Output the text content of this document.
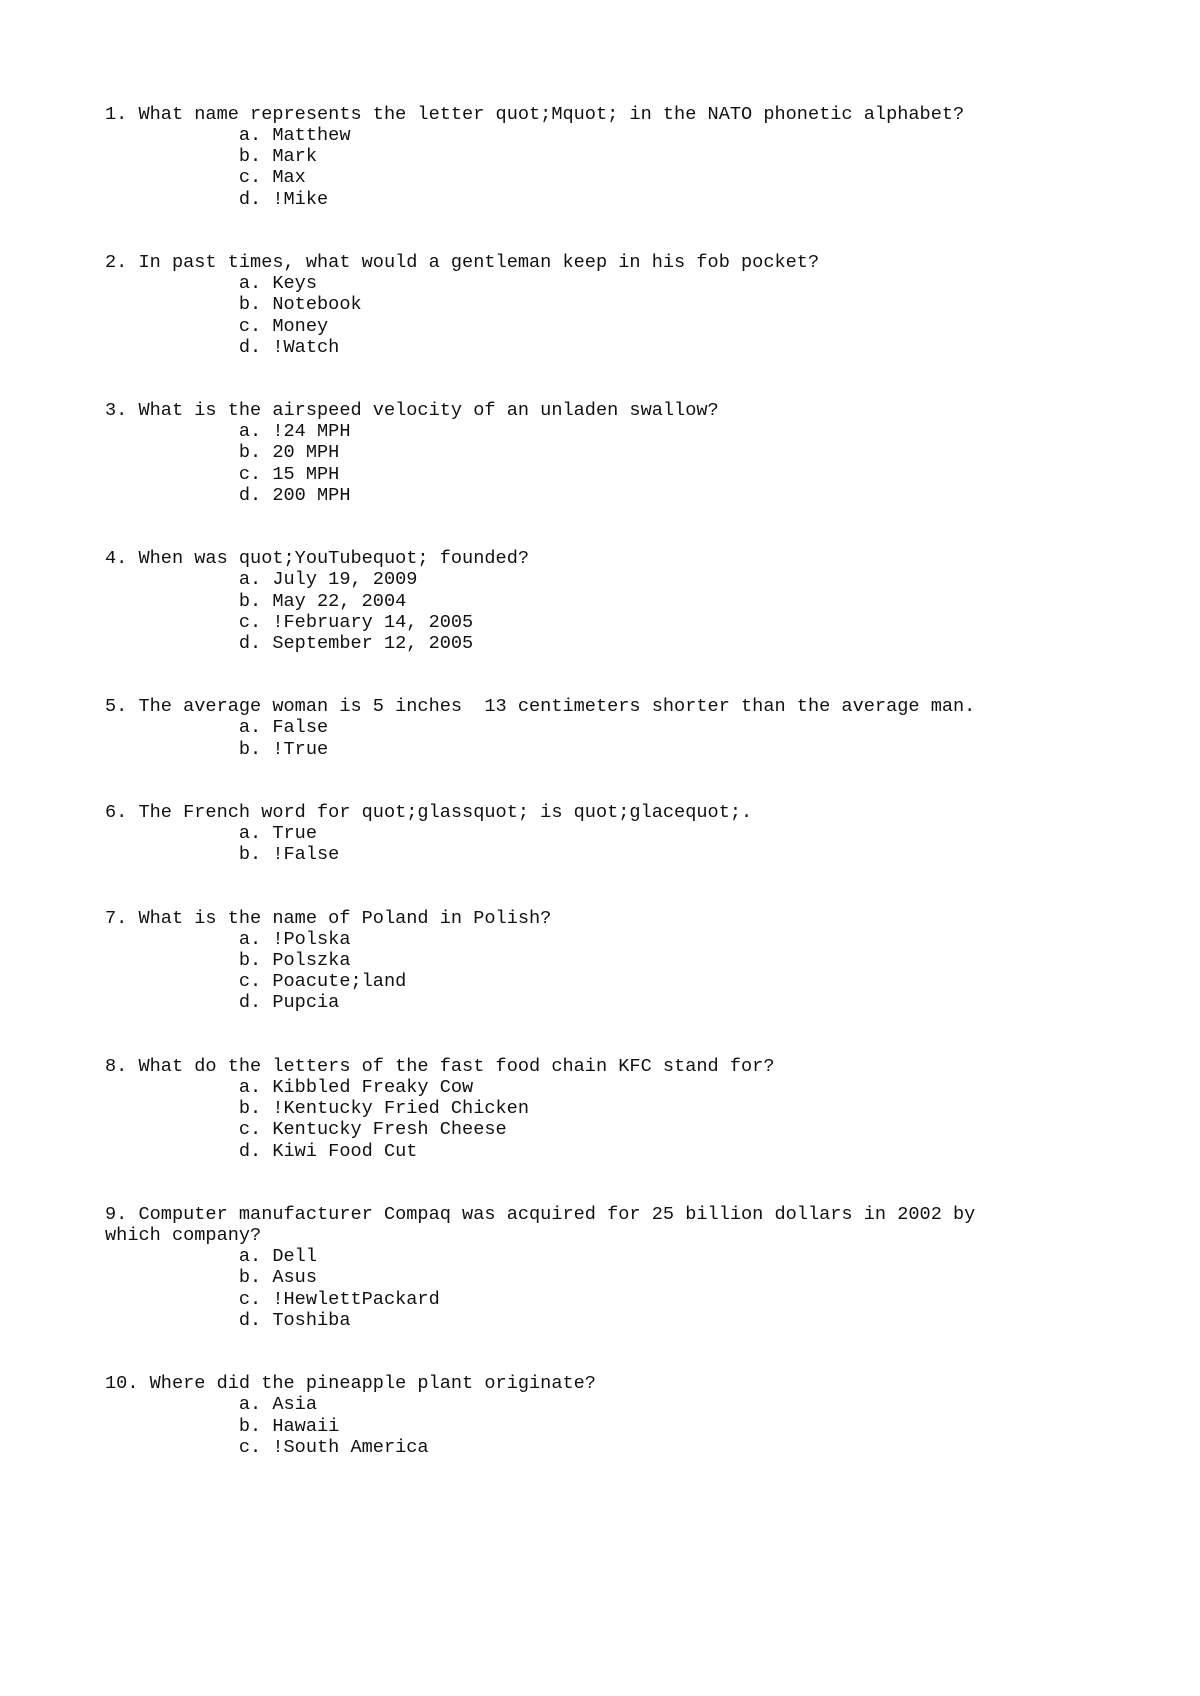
1. What name represents the letter quot;Mquot; in the NATO phonetic alphabet?
a. Matthew
b. Mark
c. Max
d. !Mike
2. In past times, what would a gentleman keep in his fob pocket?
a. Keys
b. Notebook
c. Money
d. !Watch
3. What is the airspeed velocity of an unladen swallow?
a. !24 MPH
b. 20 MPH
c. 15 MPH
d. 200 MPH
4. When was quot;YouTubequot; founded?
a. July 19, 2009
b. May 22, 2004
c. !February 14, 2005
d. September 12, 2005
5. The average woman is 5 inches  13 centimeters shorter than the average man.
a. False
b. !True
6. The French word for quot;glassquot; is quot;glacequot;.
a. True
b. !False
7. What is the name of Poland in Polish?
a. !Polska
b. Polszka
c. Poacute;land
d. Pupcia
8. What do the letters of the fast food chain KFC stand for?
a. Kibbled Freaky Cow
b. !Kentucky Fried Chicken
c. Kentucky Fresh Cheese
d. Kiwi Food Cut
9. Computer manufacturer Compaq was acquired for 25 billion dollars in 2002 by which company?
a. Dell
b. Asus
c. !HewlettPackard
d. Toshiba
10. Where did the pineapple plant originate?
a. Asia
b. Hawaii
c. !South America
